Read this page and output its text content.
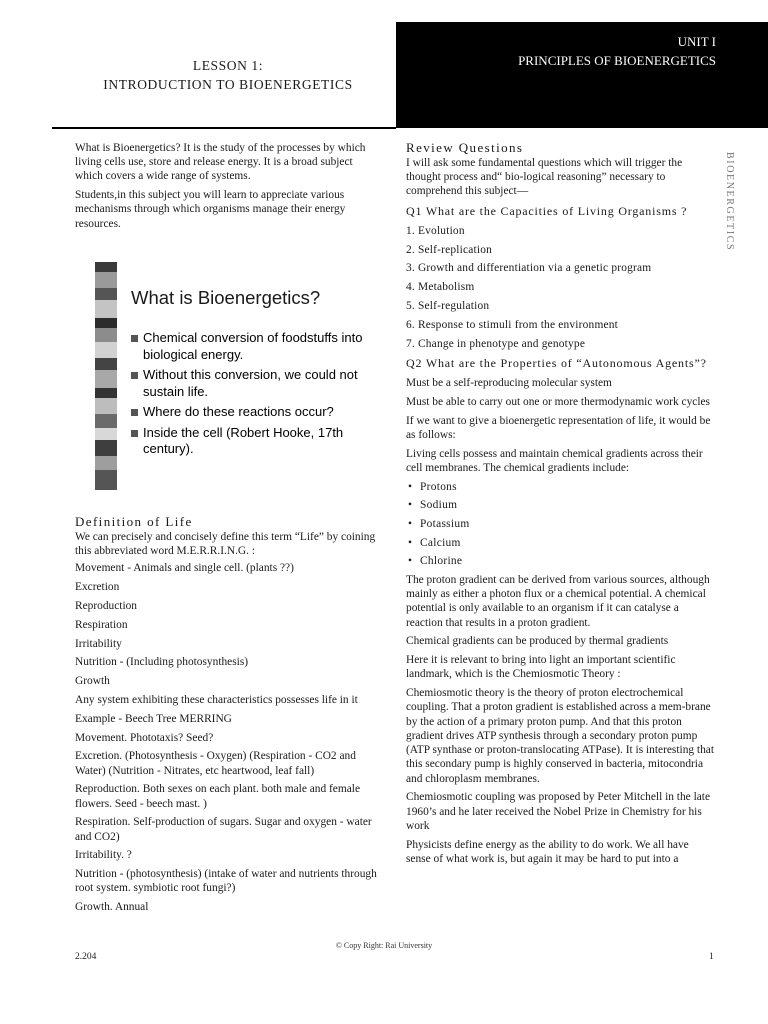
LESSON 1:
INTRODUCTION TO BIOENERGETICS
UNIT I
PRINCIPLES OF BIOENERGETICS
BIOENERGETICS

What is Bioenergetics? It is the study of the processes by which living cells use, store and release energy. It is a broad subject which covers a wide range of systems.

Students,in this subject you will learn to appreciate various mechanisms through which organisms manage their energy resources.

What is Bioenergetics?
Chemical conversion of foodstuffs into biological energy.
Without this conversion, we could not sustain life.
Where do these reactions occur?
Inside the cell (Robert Hooke, 17th century).
Definition of Life

We can precisely and concisely define this term “Life” by coining this abbreviated word M.E.R.R.I.N.G. :

Movement - Animals and single cell. (plants ??)

Excretion

Reproduction

Respiration

Irritability

Nutrition - (Including photosynthesis)

Growth

Any system exhibiting these characteristics possesses life in it

Example - Beech Tree MERRING

Movement. Phototaxis? Seed?

Excretion. (Photosynthesis - Oxygen) (Respiration - CO2 and Water) (Nutrition - Nitrates, etc heartwood, leaf fall)

Reproduction. Both sexes on each plant. both male and female flowers. Seed - beech mast. )

Respiration. Self-production of sugars. Sugar and oxygen - water and CO2)

Irritability. ?

Nutrition - (photosynthesis) (intake of water and nutrients through root system. symbiotic root fungi?)

Growth. Annual

Review Questions

I will ask some fundamental questions which will trigger the thought process and“ bio-logical reasoning” necessary to comprehend this subject—

Q1 What are the Capacities of Living Organisms ?

1. Evolution

2. Self-replication

3. Growth and differentiation via a genetic program

4. Metabolism

5. Self-regulation

6. Response to stimuli from the environment

7. Change in phenotype and genotype

Q2 What are the Properties of “Autonomous Agents”?

Must be a self-reproducing molecular system

Must be able to carry out one or more thermodynamic work cycles

If we want to give a bioenergetic representation of life, it would be as follows:

Living cells possess and maintain chemical gradients across their cell membranes. The chemical gradients include:

• Protons
• Sodium
• Potassium
• Calcium
• Chlorine

The proton gradient can be derived from various sources, although mainly as either a photon flux or a chemical potential. A chemical potential is only available to an organism if it can catalyse a reaction that results in a proton gradient.

Chemical gradients can be produced by thermal gradients

Here it is relevant to bring into light an important scientific landmark, which is the Chemiosmotic Theory :

Chemiosmotic theory is the theory of proton electrochemical coupling. That a proton gradient is established across a mem-brane by the action of a primary proton pump. And that this proton gradient drives ATP synthesis through a secondary proton pump (ATP synthase or proton-translocating ATPase). It is interesting that this secondary pump is highly conserved in bacteria, mitocondria and chloroplasm membranes.

Chemiosmotic coupling was proposed by Peter Mitchell in the late 1960’s and he later received the Nobel Prize in Chemistry for his work

Physicists define energy as the ability to do work. We all have sense of what work is, but again it may be hard to put into a

© Copy Right: Rai University
2.204	1
